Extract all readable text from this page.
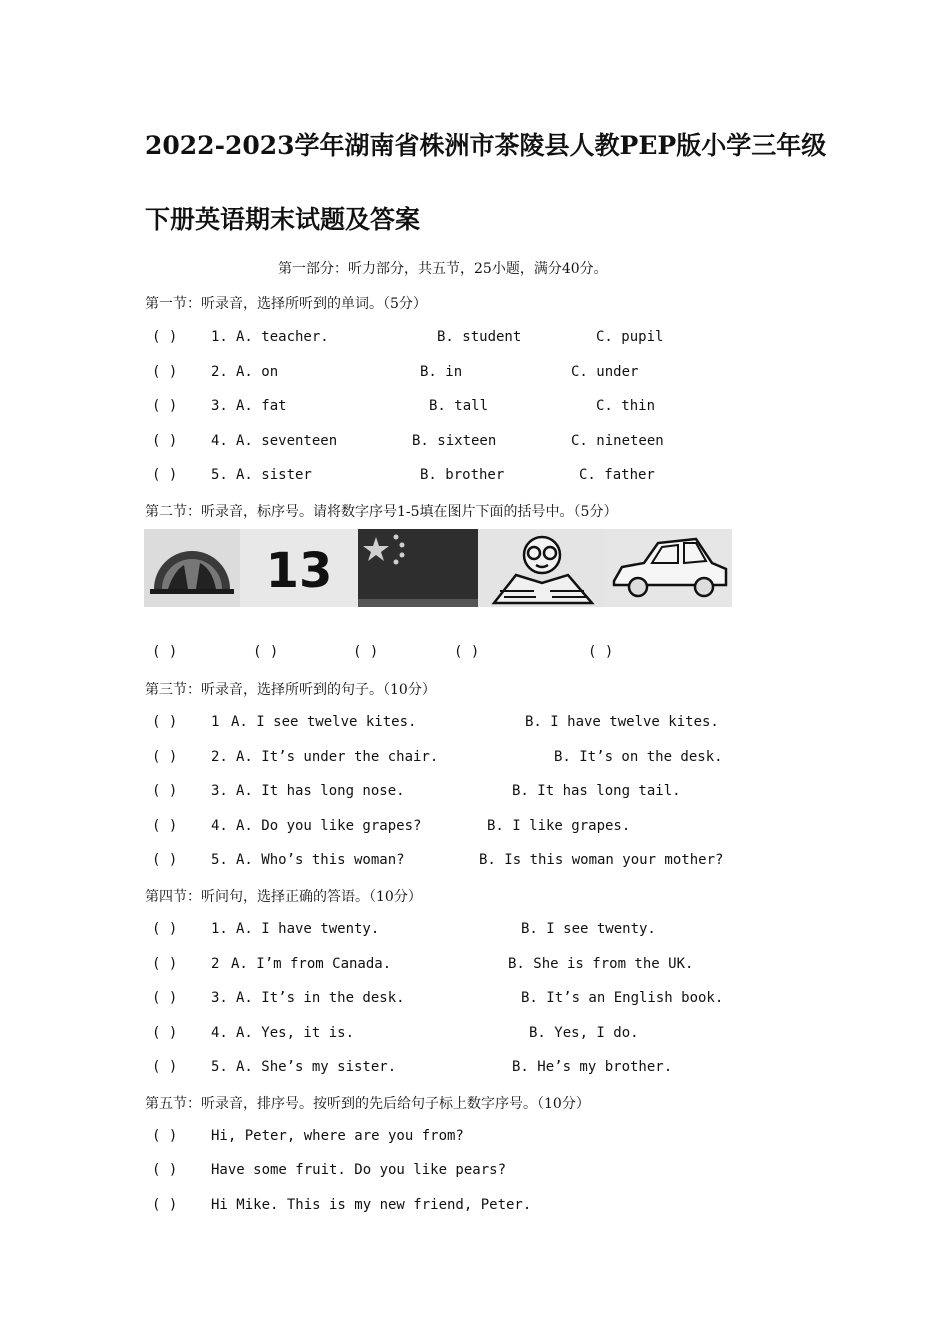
2022-2023学年湖南省株洲市茶陵县人教PEP版小学三年级
下册英语期末试题及答案
第一部分：听力部分，共五节，25小题，满分40分。
第一节：听录音，选择所听到的单词。（5分）
( ) 1. A. teacher.	B. student	C. pupil
( ) 2. A. on	B. in	C. under
( ) 3. A. fat	B. tall	C. thin
( ) 4. A. seventeen	B. sixteen	C. nineteen
( ) 5. A. sister	B. brother	C. father
第二节：听录音，标序号。请将数字序号1-5填在图片下面的括号中。（5分）
13
( )	( )	( )	( )	( )
第三节：听录音，选择所听到的句子。（10分）
( ) 1 A. I see twelve kites.	B. I have twelve kites.
( ) 2. A. It’s under the chair.	B. It’s on the desk.
( ) 3. A. It has long nose.	B. It has long tail.
( ) 4. A. Do you like grapes?	B. I like grapes.
( ) 5. A. Who’s this woman?	B. Is this woman your mother?
第四节：听问句，选择正确的答语。（10分）
( ) 1. A. I have twenty.	B. I see twenty.
( ) 2 A. I’m from Canada.	B. She is from the UK.
( ) 3. A. It’s in the desk.	B. It’s an English book.
( ) 4. A. Yes, it is.	B. Yes, I do.
( ) 5. A. She’s my sister.	B. He’s my brother.
第五节：听录音，排序号。按听到的先后给句子标上数字序号。（10分）
( ) Hi, Peter, where are you from?
( ) Have some fruit. Do you like pears?
( ) Hi Mike. This is my new friend, Peter.
